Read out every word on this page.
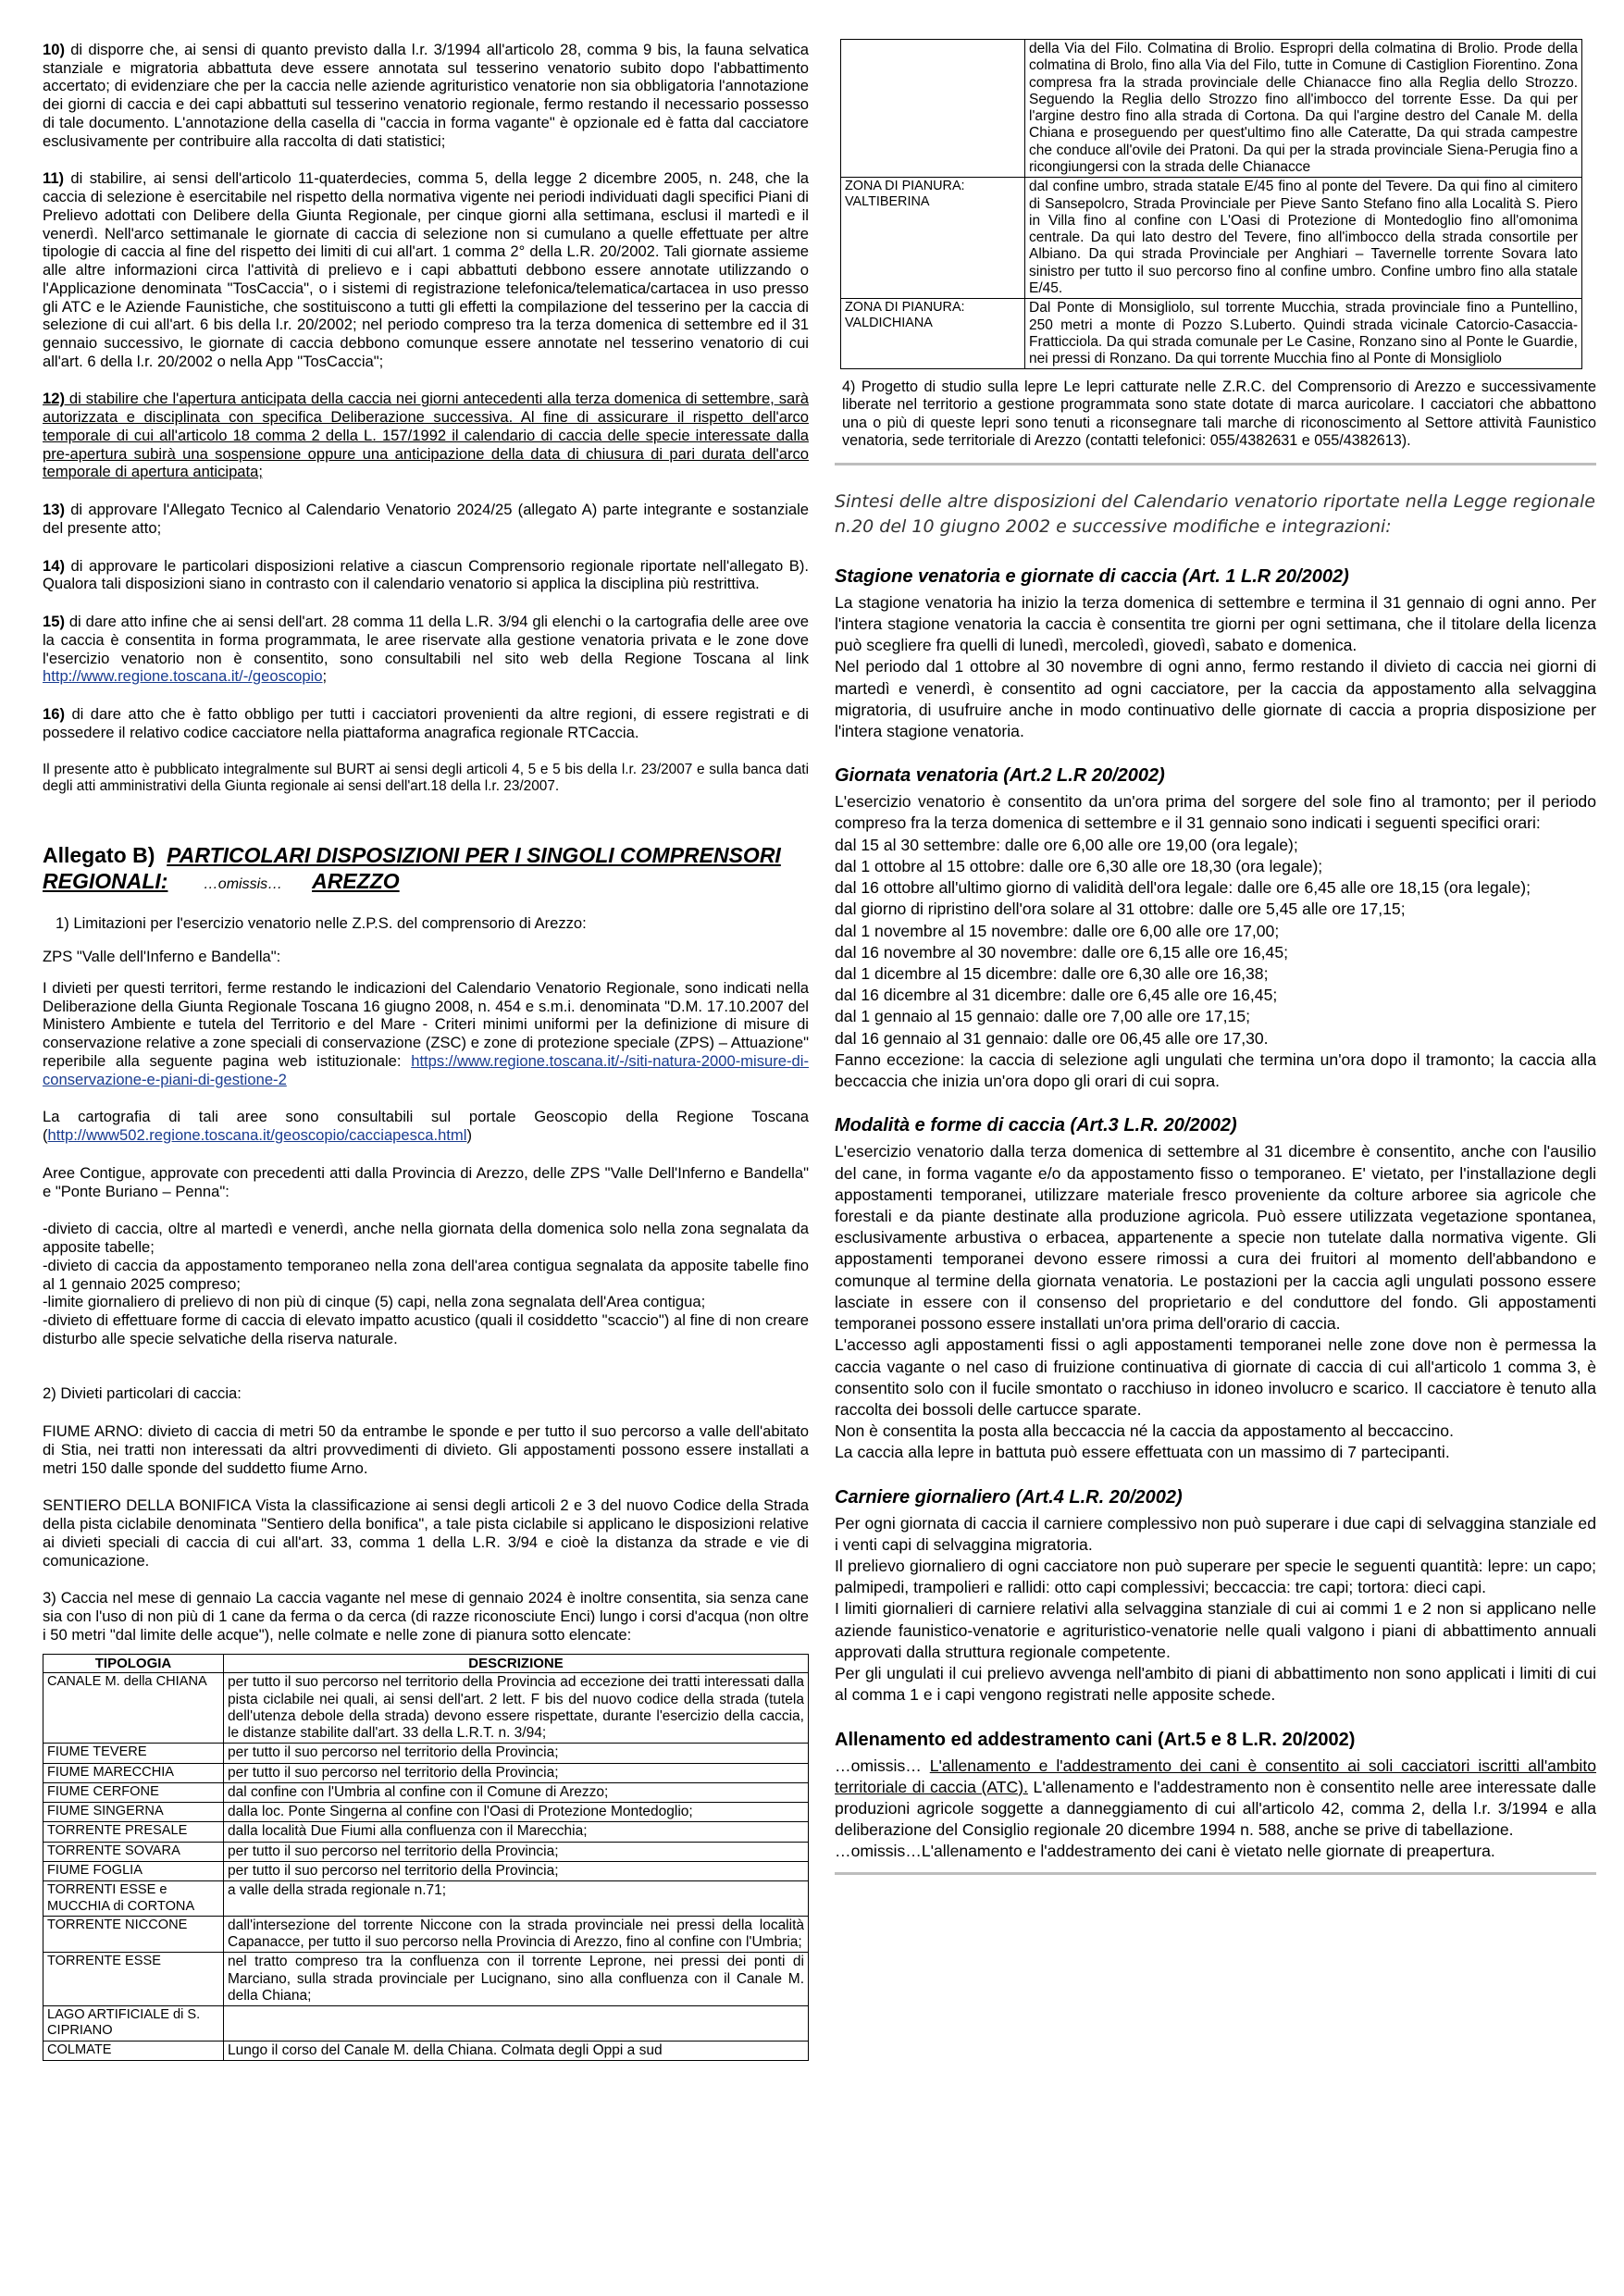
10) di disporre che, ai sensi di quanto previsto dalla l.r. 3/1994 all'articolo 28, comma 9 bis, la fauna selvatica stanziale e migratoria abbattuta deve essere annotata sul tesserino venatorio subito dopo l'abbattimento accertato; di evidenziare che per la caccia nelle aziende agrituristico venatorie non sia obbligatoria l'annotazione dei giorni di caccia e dei capi abbattuti sul tesserino venatorio regionale, fermo restando il necessario possesso di tale documento. L'annotazione della casella di "caccia in forma vagante" è opzionale ed è fatta dal cacciatore esclusivamente per contribuire alla raccolta di dati statistici;

11) di stabilire, ai sensi dell'articolo 11-quaterdecies, comma 5, della legge 2 dicembre 2005, n. 248, che la caccia di selezione è esercitabile nel rispetto della normativa vigente nei periodi individuati dagli specifici Piani di Prelievo adottati con Delibere della Giunta Regionale, per cinque giorni alla settimana, esclusi il martedì e il venerdì. Nell'arco settimanale le giornate di caccia di selezione non si cumulano a quelle effettuate per altre tipologie di caccia al fine del rispetto dei limiti di cui all'art. 1 comma 2° della L.R. 20/2002. Tali giornate assieme alle altre informazioni circa l'attività di prelievo e i capi abbattuti debbono essere annotate utilizzando o l'Applicazione denominata "TosCaccia", o i sistemi di registrazione telefonica/telematica/cartacea in uso presso gli ATC e le Aziende Faunistiche, che sostituiscono a tutti gli effetti la compilazione del tesserino per la caccia di selezione di cui all'art. 6 bis della l.r. 20/2002; nel periodo compreso tra la terza domenica di settembre ed il 31 gennaio successivo, le giornate di caccia debbono comunque essere annotate nel tesserino venatorio di cui all'art. 6 della l.r. 20/2002 o nella App "TosCaccia";

12) di stabilire che l'apertura anticipata della caccia nei giorni antecedenti alla terza domenica di settembre, sarà autorizzata e disciplinata con specifica Deliberazione successiva. Al fine di assicurare il rispetto dell'arco temporale di cui all'articolo 18 comma 2 della L. 157/1992 il calendario di caccia delle specie interessate dalla pre-apertura subirà una sospensione oppure una anticipazione della data di chiusura di pari durata dell'arco temporale di apertura anticipata;

13) di approvare l'Allegato Tecnico al Calendario Venatorio 2024/25 (allegato A) parte integrante e sostanziale del presente atto;

14) di approvare le particolari disposizioni relative a ciascun Comprensorio regionale riportate nell'allegato B). Qualora tali disposizioni siano in contrasto con il calendario venatorio si applica la disciplina più restrittiva.

15) di dare atto infine che ai sensi dell'art. 28 comma 11 della L.R. 3/94 gli elenchi o la cartografia delle aree ove la caccia è consentita in forma programmata, le aree riservate alla gestione venatoria privata e le zone dove l'esercizio venatorio non è consentito, sono consultabili nel sito web della Regione Toscana al link http://www.regione.toscana.it/-/geoscopio;

16) di dare atto che è fatto obbligo per tutti i cacciatori provenienti da altre regioni, di essere registrati e di possedere il relativo codice cacciatore nella piattaforma anagrafica regionale RTCaccia.

Il presente atto è pubblicato integralmente sul BURT ai sensi degli articoli 4, 5 e 5 bis della l.r. 23/2007 e sulla banca dati degli atti amministrativi della Giunta regionale ai sensi dell'art.18 della l.r. 23/2007.

Allegato B) PARTICOLARI DISPOSIZIONI PER I SINGOLI COMPRENSORI REGIONALI: …omissis… AREZZO

1) Limitazioni per l'esercizio venatorio nelle Z.P.S. del comprensorio di Arezzo:

ZPS "Valle dell'Inferno e Bandella":

I divieti per questi territori, ferme restando le indicazioni del Calendario Venatorio Regionale, sono indicati nella Deliberazione della Giunta Regionale Toscana 16 giugno 2008, n. 454 e s.m.i. denominata "D.M. 17.10.2007 del Ministero Ambiente e tutela del Territorio e del Mare - Criteri minimi uniformi per la definizione di misure di conservazione relative a zone speciali di conservazione (ZSC) e zone di protezione speciale (ZPS) – Attuazione" reperibile alla seguente pagina web istituzionale: https://www.regione.toscana.it/-/siti-natura-2000-misure-di-conservazione-e-piani-di-gestione-2

La cartografia di tali aree sono consultabili sul portale Geoscopio della Regione Toscana (http://www502.regione.toscana.it/geoscopio/cacciapesca.html)

Aree Contigue, approvate con precedenti atti dalla Provincia di Arezzo, delle ZPS "Valle Dell'Inferno e Bandella" e "Ponte Buriano – Penna":

-divieto di caccia, oltre al martedì e venerdì, anche nella giornata della domenica solo nella zona segnalata da apposite tabelle;

-divieto di caccia da appostamento temporaneo nella zona dell'area contigua segnalata da apposite tabelle fino al 1 gennaio 2025 compreso;

-limite giornaliero di prelievo di non più di cinque (5) capi, nella zona segnalata dell'Area contigua;

-divieto di effettuare forme di caccia di elevato impatto acustico (quali il cosiddetto "scaccio") al fine di non creare disturbo alle specie selvatiche della riserva naturale.

2) Divieti particolari di caccia:

FIUME ARNO: divieto di caccia di metri 50 da entrambe le sponde e per tutto il suo percorso a valle dell'abitato di Stia, nei tratti non interessati da altri provvedimenti di divieto. Gli appostamenti possono essere installati a metri 150 dalle sponde del suddetto fiume Arno.

SENTIERO DELLA BONIFICA Vista la classificazione ai sensi degli articoli 2 e 3 del nuovo Codice della Strada della pista ciclabile denominata "Sentiero della bonifica", a tale pista ciclabile si applicano le disposizioni relative ai divieti speciali di caccia di cui all'art. 33, comma 1 della L.R. 3/94 e cioè la distanza da strade e vie di comunicazione.

3) Caccia nel mese di gennaio La caccia vagante nel mese di gennaio 2024 è inoltre consentita, sia senza cane sia con l'uso di non più di 1 cane da ferma o da cerca (di razze riconosciute Enci) lungo i corsi d'acqua (non oltre i 50 metri "dal limite delle acque"), nelle colmate e nelle zone di pianura sotto elencate:

TIPOLOGIA	DESCRIZIONE
CANALE M. della CHIANA	per tutto il suo percorso nel territorio della Provincia ad eccezione dei tratti interessati dalla pista ciclabile nei quali, ai sensi dell'art. 2 lett. F bis del nuovo codice della strada (tutela dell'utenza debole della strada) devono essere rispettate, durante l'esercizio della caccia, le distanze stabilite dall'art. 33 della L.R.T. n. 3/94;
FIUME TEVERE	per tutto il suo percorso nel territorio della Provincia;
FIUME MARECCHIA	per tutto il suo percorso nel territorio della Provincia;
FIUME CERFONE	dal confine con l'Umbria al confine con il Comune di Arezzo;
FIUME SINGERNA	dalla loc. Ponte Singerna al confine con l'Oasi di Protezione Montedoglio;
TORRENTE PRESALE	dalla località Due Fiumi alla confluenza con il Marecchia;
TORRENTE SOVARA	per tutto il suo percorso nel territorio della Provincia;
FIUME FOGLIA	per tutto il suo percorso nel territorio della Provincia;
TORRENTI ESSE e MUCCHIA di CORTONA	a valle della strada regionale n.71;
TORRENTE NICCONE	dall'intersezione del torrente Niccone con la strada provinciale nei pressi della località Capanacce, per tutto il suo percorso nella Provincia di Arezzo, fino al confine con l'Umbria;
TORRENTE ESSE	nel tratto compreso tra la confluenza con il torrente Leprone, nei pressi dei ponti di Marciano, sulla strada provinciale per Lucignano, sino alla confluenza con il Canale M. della Chiana;
LAGO ARTIFICIALE di S. CIPRIANO	
COLMATE	Lungo il corso del Canale M. della Chiana. Colmata degli Oppi a sud
	della Via del Filo. Colmatina di Brolio. Espropri della colmatina di Brolio. Prode della colmatina di Brolo, fino alla Via del Filo, tutte in Comune di Castiglion Fiorentino. Zona compresa fra la strada provinciale delle Chianacce fino alla Reglia dello Strozzo. Seguendo la Reglia dello Strozzo fino all'imbocco del torrente Esse. Da qui per l'argine destro fino alla strada di Cortona. Da qui l'argine destro del Canale M. della Chiana e proseguendo per quest'ultimo fino alle Cateratte, Da qui strada campestre che conduce all'ovile dei Pratoni. Da qui per la strada provinciale Siena-Perugia fino a ricongiungersi con la strada delle Chianacce
ZONA DI PIANURA: VALTIBERINA	dal confine umbro, strada statale E/45 fino al ponte del Tevere. Da qui fino al cimitero di Sansepolcro, Strada Provinciale per Pieve Santo Stefano fino alla Località S. Piero in Villa fino al confine con L'Oasi di Protezione di Montedoglio fino all'omonima centrale. Da qui lato destro del Tevere, fino all'imbocco della strada consortile per Albiano. Da qui strada Provinciale per Anghiari – Tavernelle torrente Sovara lato sinistro per tutto il suo percorso fino al confine umbro. Confine umbro fino alla statale E/45.
ZONA DI PIANURA: VALDICHIANA	Dal Ponte di Monsigliolo, sul torrente Mucchia, strada provinciale fino a Puntellino, 250 metri a monte di Pozzo S.Luberto. Quindi strada vicinale Catorcio-Casaccia-Fratticciola. Da qui strada comunale per Le Casine, Ronzano sino al Ponte le Guardie, nei pressi di Ronzano. Da qui torrente Mucchia fino al Ponte di Monsigliolo

4) Progetto di studio sulla lepre Le lepri catturate nelle Z.R.C. del Comprensorio di Arezzo e successivamente liberate nel territorio a gestione programmata sono state dotate di marca auricolare. I cacciatori che abbattono una o più di queste lepri sono tenuti a riconsegnare tali marche di riconoscimento al Settore attività Faunistico venatoria, sede territoriale di Arezzo (contatti telefonici: 055/4382631 e 055/4382613).

Sintesi delle altre disposizioni del Calendario venatorio riportate nella Legge regionale n.20 del 10 giugno 2002 e successive modifiche e integrazioni:

Stagione venatoria e giornate di caccia (Art. 1 L.R 20/2002)

La stagione venatoria ha inizio la terza domenica di settembre e termina il 31 gennaio di ogni anno. Per l'intera stagione venatoria la caccia è consentita tre giorni per ogni settimana, che il titolare della licenza può scegliere fra quelli di lunedì, mercoledì, giovedì, sabato e domenica.

Nel periodo dal 1 ottobre al 30 novembre di ogni anno, fermo restando il divieto di caccia nei giorni di martedì e venerdì, è consentito ad ogni cacciatore, per la caccia da appostamento alla selvaggina migratoria, di usufruire anche in modo continuativo delle giornate di caccia a propria disposizione per l'intera stagione venatoria.

Giornata venatoria (Art.2 L.R 20/2002)

L'esercizio venatorio è consentito da un'ora prima del sorgere del sole fino al tramonto; per il periodo compreso fra la terza domenica di settembre e il 31 gennaio sono indicati i seguenti specifici orari:

dal 15 al 30 settembre: dalle ore 6,00 alle ore 19,00 (ora legale);

dal 1 ottobre al 15 ottobre: dalle ore 6,30 alle ore 18,30 (ora legale);

dal 16 ottobre all'ultimo giorno di validità dell'ora legale: dalle ore 6,45 alle ore 18,15 (ora legale);

dal giorno di ripristino dell'ora solare al 31 ottobre: dalle ore 5,45 alle ore 17,15;

dal 1 novembre al 15 novembre: dalle ore 6,00 alle ore 17,00;

dal 16 novembre al 30 novembre: dalle ore 6,15 alle ore 16,45;

dal 1 dicembre al 15 dicembre: dalle ore 6,30 alle ore 16,38;

dal 16 dicembre al 31 dicembre: dalle ore 6,45 alle ore 16,45;

dal 1 gennaio al 15 gennaio: dalle ore 7,00 alle ore 17,15;

dal 16 gennaio al 31 gennaio: dalle ore 06,45 alle ore 17,30.

Fanno eccezione: la caccia di selezione agli ungulati che termina un'ora dopo il tramonto; la caccia alla beccaccia che inizia un'ora dopo gli orari di cui sopra.

Modalità e forme di caccia (Art.3 L.R. 20/2002)

L'esercizio venatorio dalla terza domenica di settembre al 31 dicembre è consentito, anche con l'ausilio del cane, in forma vagante e/o da appostamento fisso o temporaneo. E' vietato, per l'installazione degli appostamenti temporanei, utilizzare materiale fresco proveniente da colture arboree sia agricole che forestali e da piante destinate alla produzione agricola. Può essere utilizzata vegetazione spontanea, esclusivamente arbustiva o erbacea, appartenente a specie non tutelate dalla normativa vigente. Gli appostamenti temporanei devono essere rimossi a cura dei fruitori al momento dell'abbandono e comunque al termine della giornata venatoria. Le postazioni per la caccia agli ungulati possono essere lasciate in essere con il consenso del proprietario e del conduttore del fondo. Gli appostamenti temporanei possono essere installati un'ora prima dell'orario di caccia.

L'accesso agli appostamenti fissi o agli appostamenti temporanei nelle zone dove non è permessa la caccia vagante o nel caso di fruizione continuativa di giornate di caccia di cui all'articolo 1 comma 3, è consentito solo con il fucile smontato o racchiuso in idoneo involucro e scarico. Il cacciatore è tenuto alla raccolta dei bossoli delle cartucce sparate.

Non è consentita la posta alla beccaccia né la caccia da appostamento al beccaccino.

La caccia alla lepre in battuta può essere effettuata con un massimo di 7 partecipanti.

Carniere giornaliero (Art.4 L.R. 20/2002)

Per ogni giornata di caccia il carniere complessivo non può superare i due capi di selvaggina stanziale ed i venti capi di selvaggina migratoria.

Il prelievo giornaliero di ogni cacciatore non può superare per specie le seguenti quantità: lepre: un capo; palmipedi, trampolieri e rallidi: otto capi complessivi; beccaccia: tre capi; tortora: dieci capi.

I limiti giornalieri di carniere relativi alla selvaggina stanziale di cui ai commi 1 e 2 non si applicano nelle aziende faunistico-venatorie e agrituristico-venatorie nelle quali valgono i piani di abbattimento annuali approvati dalla struttura regionale competente.

Per gli ungulati il cui prelievo avvenga nell'ambito di piani di abbattimento non sono applicati i limiti di cui al comma 1 e i capi vengono registrati nelle apposite schede.

Allenamento ed addestramento cani (Art.5 e 8 L.R. 20/2002)

…omissis… L'allenamento e l'addestramento dei cani è consentito ai soli cacciatori iscritti all'ambito territoriale di caccia (ATC). L'allenamento e l'addestramento non è consentito nelle aree interessate dalle produzioni agricole soggette a danneggiamento di cui all'articolo 42, comma 2, della l.r. 3/1994 e alla deliberazione del Consiglio regionale 20 dicembre 1994 n. 588, anche se prive di tabellazione.

…omissis…L'allenamento e l'addestramento dei cani è vietato nelle giornate di preapertura.
